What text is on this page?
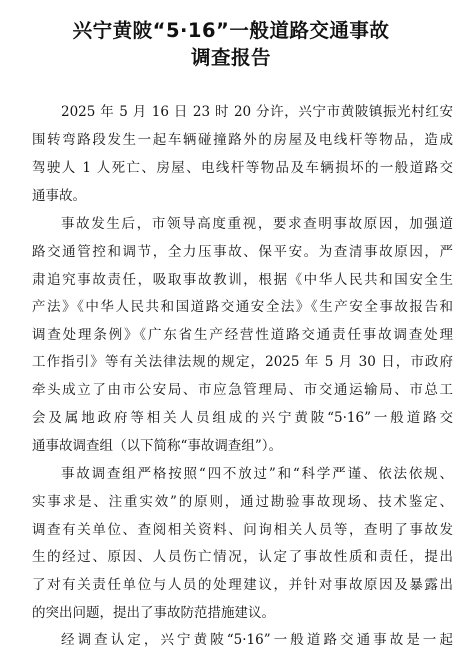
兴宁黄陂“5·16”一般道路交通事故
调查报告
2025 年 5 月 16 日 23 时 20 分许，兴宁市黄陂镇振光村红安
围转弯路段发生一起车辆碰撞路外的房屋及电线杆等物品，造成
驾驶人 1 人死亡、房屋、电线杆等物品及车辆损坏的一般道路交
通事故。
事故发生后，市领导高度重视，要求查明事故原因，加强道
路交通管控和调节，全力压事故、保平安。为查清事故原因，严
肃追究事故责任，吸取事故教训，根据《中华人民共和国安全生
产法》《中华人民共和国道路交通安全法》《生产安全事故报告和
调查处理条例》《广东省生产经营性道路交通责任事故调查处理
工作指引》等有关法律法规的规定，2025 年 5 月 30 日，市政府
牵头成立了由市公安局、市应急管理局、市交通运输局、市总工
会及属地政府等相关人员组成的兴宁黄陂“5·16”一般道路交
通事故调查组（以下简称“事故调查组”）。
事故调查组严格按照“四不放过”和“科学严谨、依法依规、
实事求是、注重实效”的原则，通过勘验事故现场、技术鉴定、
调查有关单位、查阅相关资料、问询相关人员等，查明了事故发
生的经过、原因、人员伤亡情况，认定了事故性质和责任，提出
了对有关责任单位与人员的处理建议，并针对事故原因及暴露出
的突出问题，提出了事故防范措施建议。
经调查认定，兴宁黄陂“5·16”一般道路交通事故是一起
